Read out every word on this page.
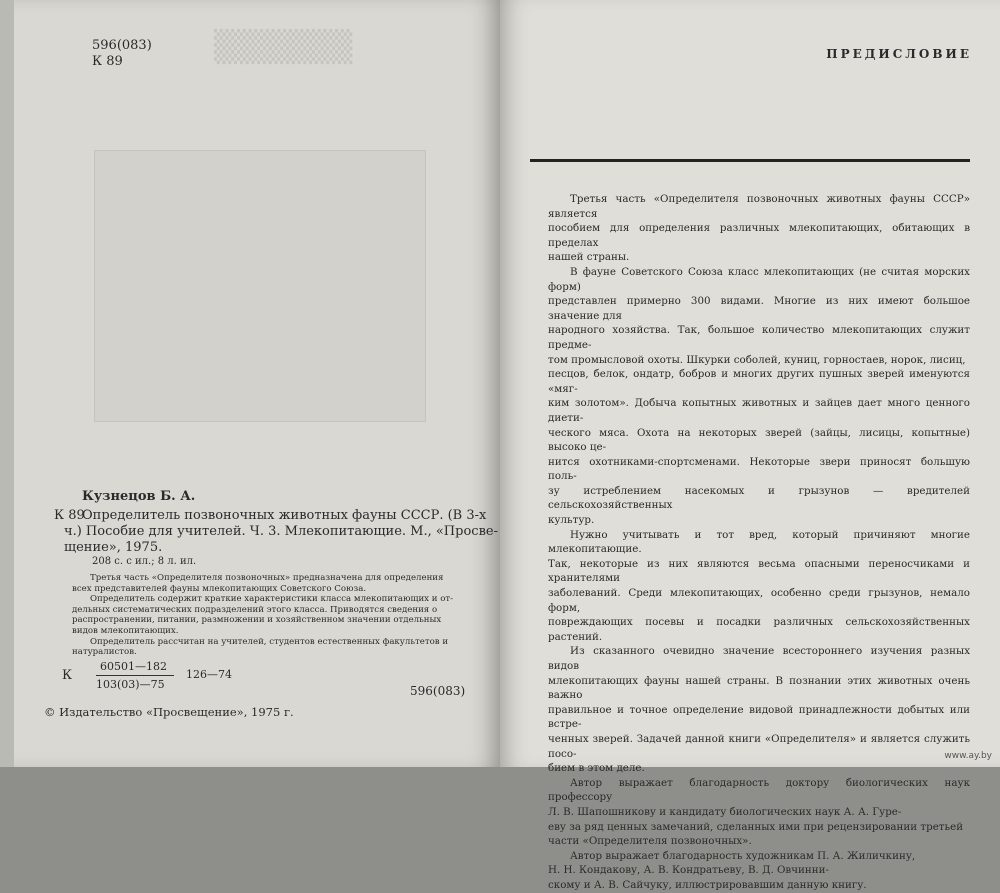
▒▒▒▒▒▒
596(083)
К 89
Кузнецов Б. А.
К 89
Определитель позвоночных животных фауны СССР. (В 3-х
ч.) Пособие для учителей. Ч. 3. Млекопитающие. М., «Просве-
щение», 1975.
208 с. с ил.; 8 л. ил.
Третья часть «Определителя позвоночных» предназначена для определения
всех представителей фауны млекопитающих Советского Союза.
Определитель содержит краткие характеристики класса млекопитающих и от-
дельных систематических подразделений этого класса. Приводятся сведения о
распространении, питании, размножении и хозяйственном значении отдельных
видов млекопитающих.
Определитель рассчитан на учителей, студентов естественных факультетов и
натуралистов.
К
60501—182
103(03)—75
126—74
596(083)
© Издательство «Просвещение», 1975 г.
ПРЕДИСЛОВИЕ

Третья часть «Определителя позвоночных животных фауны СССР» является

пособием для определения различных млекопитающих, обитающих в пределах
нашей страны.

В фауне Советского Союза класс млекопитающих (не считая морских форм)

представлен примерно 300 видами. Многие из них имеют большое значение для
народного хозяйства. Так, большое количество млекопитающих служит предме-
том промысловой охоты. Шкурки соболей, куниц, горностаев, норок, лисиц,
песцов, белок, ондатр, бобров и многих других пушных зверей именуются «мяг-
ким золотом». Добыча копытных животных и зайцев дает много ценного диети-
ческого мяса. Охота на некоторых зверей (зайцы, лисицы, копытные) высоко це-
нится охотниками-спортсменами. Некоторые звери приносят большую поль-
зу истреблением насекомых и грызунов — вредителей сельскохозяйственных
культур.

Нужно учитывать и тот вред, который причиняют многие млекопитающие.

Так, некоторые из них являются весьма опасными переносчиками и хранителями
заболеваний. Среди млекопитающих, особенно среди грызунов, немало форм,
повреждающих посевы и посадки различных сельскохозяйственных растений.

Из сказанного очевидно значение всестороннего изучения разных видов

млекопитающих фауны нашей страны. В познании этих животных очень важно
правильное и точное определение видовой принадлежности добытых или встре-
ченных зверей. Задачей данной книги «Определителя» и является служить посо-
бием в этом деле.

Автор выражает благодарность доктору биологических наук профессору

Л. В. Шапошникову и кандидату биологических наук А. А. Гуре-
еву за ряд ценных замечаний, сделанных ими при рецензировании третьей
части «Определителя позвоночных».

Автор выражает благодарность художникам П. А. Жиличкину,

Н. Н. Кондакову, А. В. Кондратьеву, В. Д. Овчинни-
скому и А. В. Сайчуку, иллюстрировавшим данную книгу.
www.ay.by
